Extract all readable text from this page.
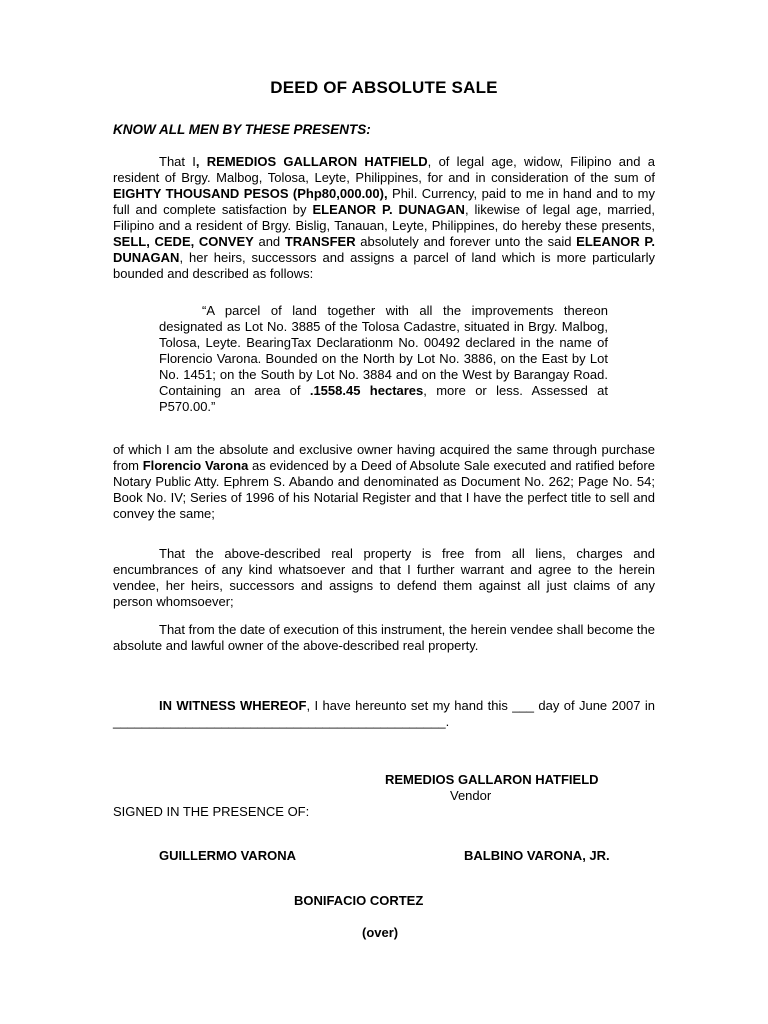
DEED OF ABSOLUTE SALE
KNOW ALL MEN BY THESE PRESENTS:

That I, REMEDIOS GALLARON HATFIELD, of legal age, widow, Filipino and a resident of Brgy. Malbog, Tolosa, Leyte, Philippines, for and in consideration of the sum of EIGHTY THOUSAND PESOS (Php80,000.00), Phil. Currency, paid to me in hand and to my full and complete satisfaction by ELEANOR P. DUNAGAN, likewise of legal age, married, Filipino and a resident of Brgy. Bislig, Tanauan, Leyte, Philippines, do hereby these presents, SELL, CEDE, CONVEY and TRANSFER absolutely and forever unto the said ELEANOR P. DUNAGAN, her heirs, successors and assigns a parcel of land which is more particularly bounded and described as follows:

“A parcel of land together with all the improvements thereon designated as Lot No. 3885 of the Tolosa Cadastre, situated in Brgy. Malbog, Tolosa, Leyte. BearingTax Declarationm No. 00492 declared in the name of Florencio Varona. Bounded on the North by Lot No. 3886, on the East by Lot No. 1451; on the South by Lot No. 3884 and on the West by Barangay Road. Containing an area of .1558.45 hectares, more or less. Assessed at P570.00.”

of which I am the absolute and exclusive owner having acquired the same through purchase from Florencio Varona as evidenced by a Deed of Absolute Sale executed and ratified before Notary Public Atty. Ephrem S. Abando and denominated as Document No. 262; Page No. 54; Book No. IV; Series of 1996 of his Notarial Register and that I have the perfect title to sell and convey the same;

That the above-described real property is free from all liens, charges and encumbrances of any kind whatsoever and that I further warrant and agree to the herein vendee, her heirs, successors and assigns to defend them against all just claims of any person whomsoever;

That from the date of execution of this instrument, the herein vendee shall become the absolute and lawful owner of the above-described real property.

IN WITNESS WHEREOF, I have hereunto set my hand this ___ day of June 2007 in ______________________________________________.

REMEDIOS GALLARON HATFIELD
Vendor
SIGNED IN THE PRESENCE OF:
GUILLERMO VARONA	BALBINO VARONA, JR.
BONIFACIO CORTEZ
(over)
